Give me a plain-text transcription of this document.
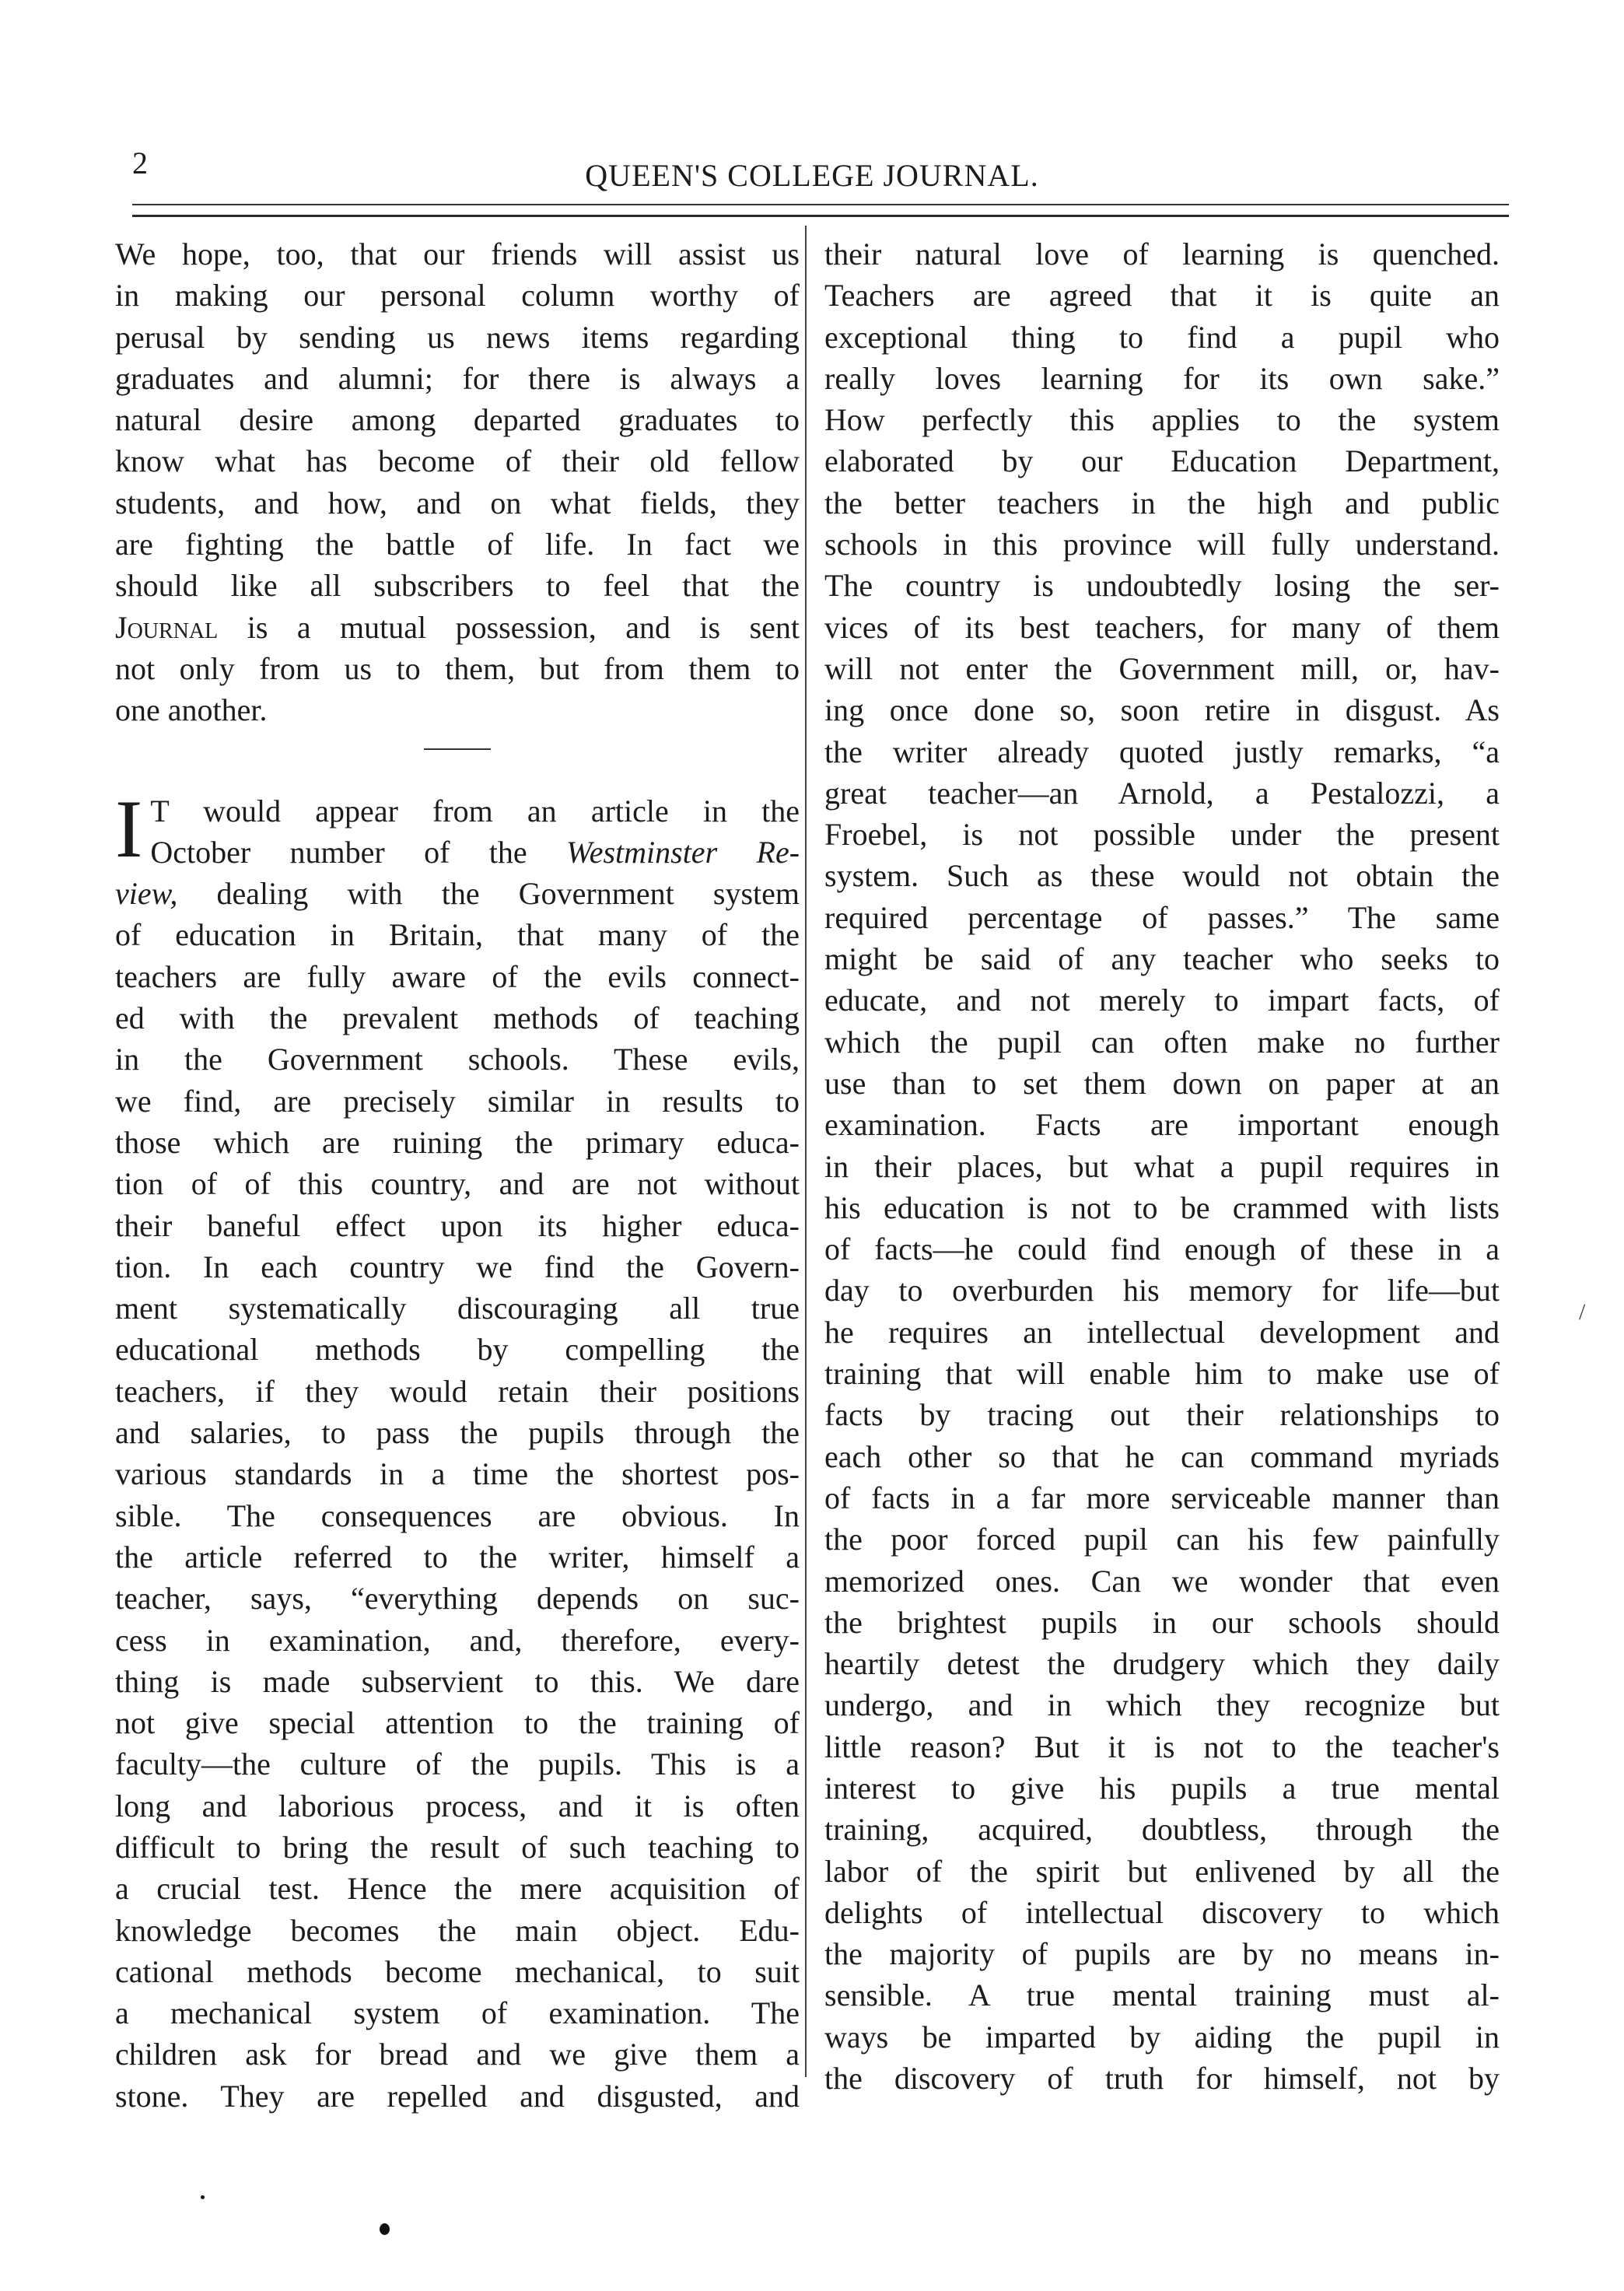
2	QUEEN'S COLLEGE JOURNAL.

We hope, too, that our friends will assist us
in making our personal column worthy of
perusal by sending us news items regarding
graduates and alumni; for there is always a
natural desire among departed graduates to
know what has become of their old fellow
students, and how, and on what fields, they
are fighting the battle of life. In fact we
should like all subscribers to feel that the
Journal is a mutual possession, and is sent
not only from us to them, but from them to
one another.

I T would appear from an article in the
October number of the Westminster Re-
view, dealing with the Government system
of education in Britain, that many of the
teachers are fully aware of the evils connect-
ed with the prevalent methods of teaching
in the Government schools. These evils,
we find, are precisely similar in results to
those which are ruining the primary educa-
tion of of this country, and are not without
their baneful effect upon its higher educa-
tion. In each country we find the Govern-
ment systematically discouraging all true
educational methods by compelling the
teachers, if they would retain their positions
and salaries, to pass the pupils through the
various standards in a time the shortest pos-
sible. The consequences are obvious. In
the article referred to the writer, himself a
teacher, says, “everything depends on suc-
cess in examination, and, therefore, every-
thing is made subservient to this. We dare
not give special attention to the training of
faculty—the culture of the pupils. This is a
long and laborious process, and it is often
difficult to bring the result of such teaching to
a crucial test. Hence the mere acquisition of
knowledge becomes the main object. Edu-
cational methods become mechanical, to suit
a mechanical system of examination. The
children ask for bread and we give them a
stone. They are repelled and disgusted, and

their natural love of learning is quenched.
Teachers are agreed that it is quite an
exceptional thing to find a pupil who
really loves learning for its own sake.”
How perfectly this applies to the system
elaborated by our Education Department,
the better teachers in the high and public
schools in this province will fully understand.
The country is undoubtedly losing the ser-
vices of its best teachers, for many of them
will not enter the Government mill, or, hav-
ing once done so, soon retire in disgust. As
the writer already quoted justly remarks, “a
great teacher—an Arnold, a Pestalozzi, a
Froebel, is not possible under the present
system. Such as these would not obtain the
required percentage of passes.” The same
might be said of any teacher who seeks to
educate, and not merely to impart facts, of
which the pupil can often make no further
use than to set them down on paper at an
examination. Facts are important enough
in their places, but what a pupil requires in
his education is not to be crammed with lists
of facts—he could find enough of these in a
day to overburden his memory for life—but
he requires an intellectual development and
training that will enable him to make use of
facts by tracing out their relationships to
each other so that he can command myriads
of facts in a far more serviceable manner than
the poor forced pupil can his few painfully
memorized ones. Can we wonder that even
the brightest pupils in our schools should
heartily detest the drudgery which they daily
undergo, and in which they recognize but
little reason? But it is not to the teacher's
interest to give his pupils a true mental
training, acquired, doubtless, through the
labor of the spirit but enlivened by all the
delights of intellectual discovery to which
the majority of pupils are by no means in-
sensible. A true mental training must al-
ways be imparted by aiding the pupil in
the discovery of truth for himself, not by

/
